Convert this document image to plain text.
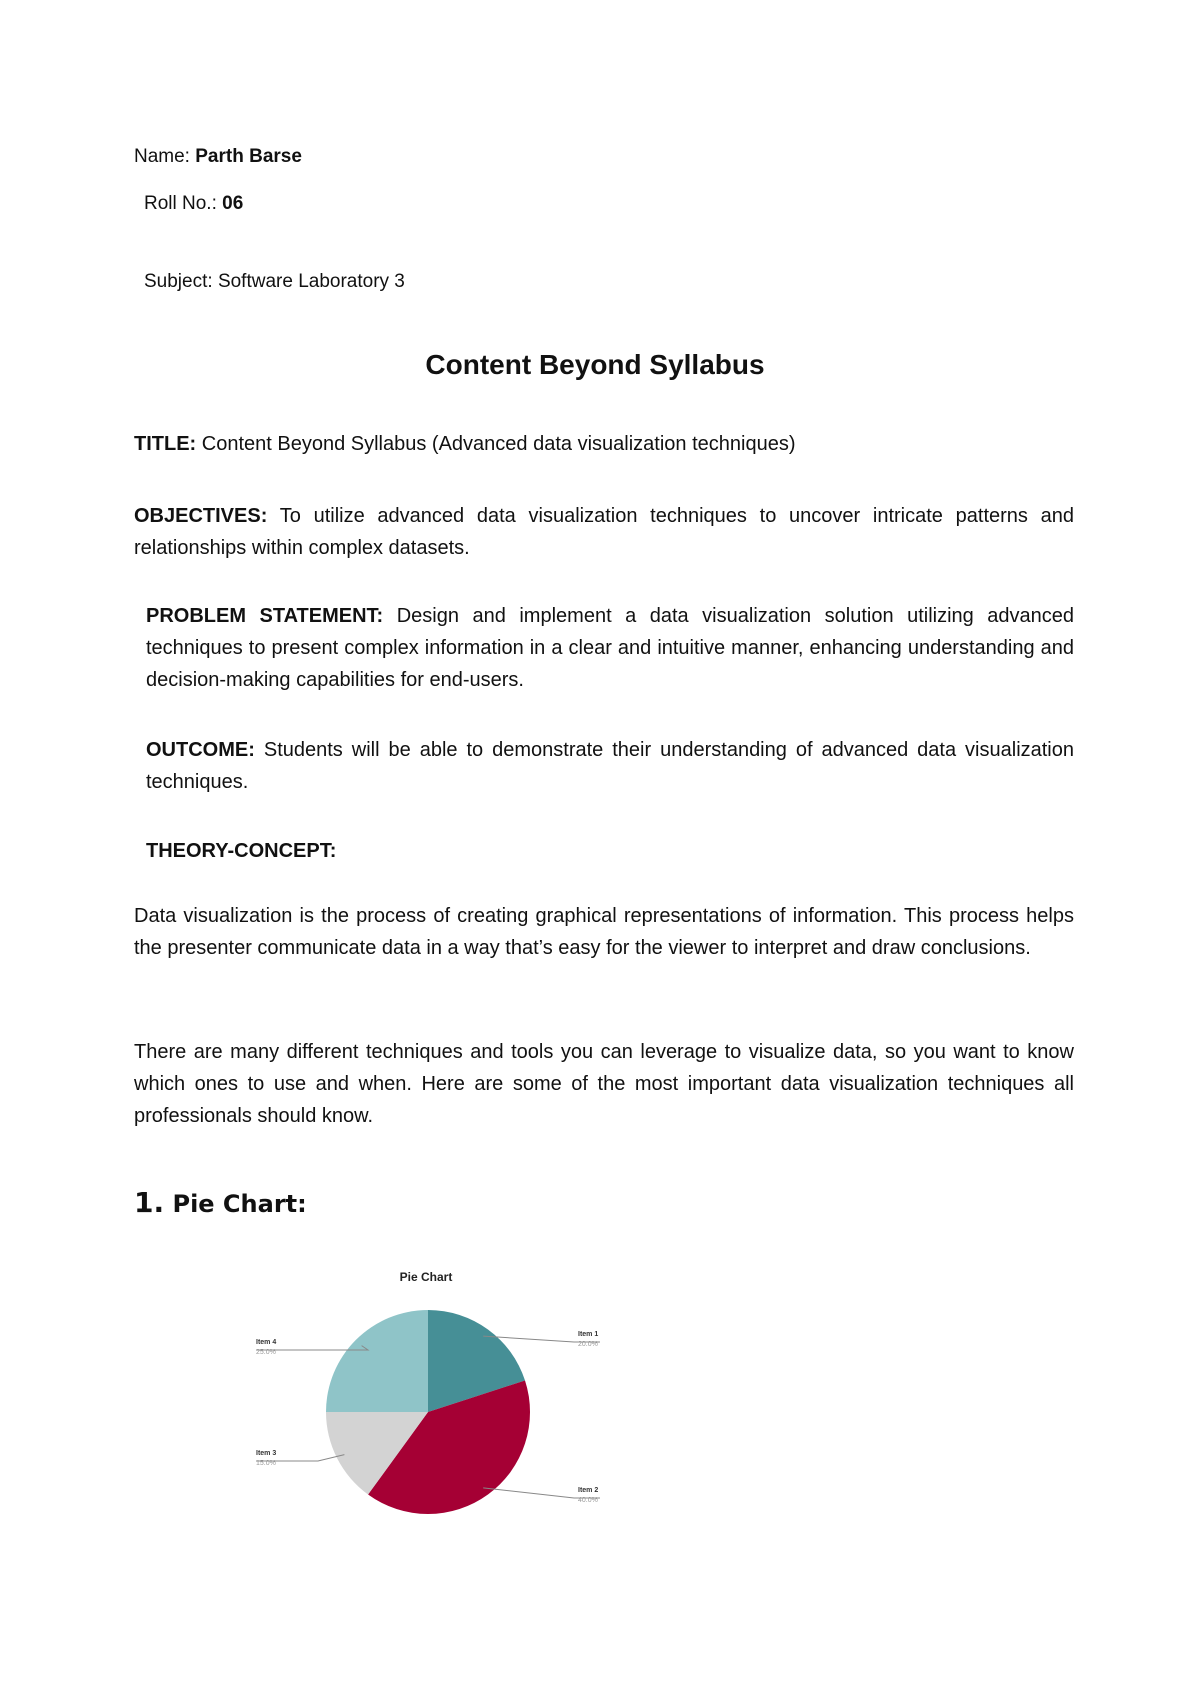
Name: Parth Barse
Roll No.: 06
Subject: Software Laboratory 3
Content Beyond Syllabus
TITLE: Content Beyond Syllabus (Advanced data visualization techniques)
OBJECTIVES: To utilize advanced data visualization techniques to uncover intricate patterns and relationships within complex datasets.
PROBLEM STATEMENT: Design and implement a data visualization solution utilizing advanced techniques to present complex information in a clear and intuitive manner, enhancing understanding and decision-making capabilities for end-users.
OUTCOME: Students will be able to demonstrate their understanding of advanced data visualization techniques.
THEORY-CONCEPT:
Data visualization is the process of creating graphical representations of information. This process helps the presenter communicate data in a way that’s easy for the viewer to interpret and draw conclusions.
There are many different techniques and tools you can leverage to visualize data, so you want to know which ones to use and when. Here are some of the most important data visualization techniques all professionals should know.
1. Pie Chart:
Pie Chart
Item 1
20.0%
Item 2
40.0%
Item 3
15.0%
Item 4
25.0%
